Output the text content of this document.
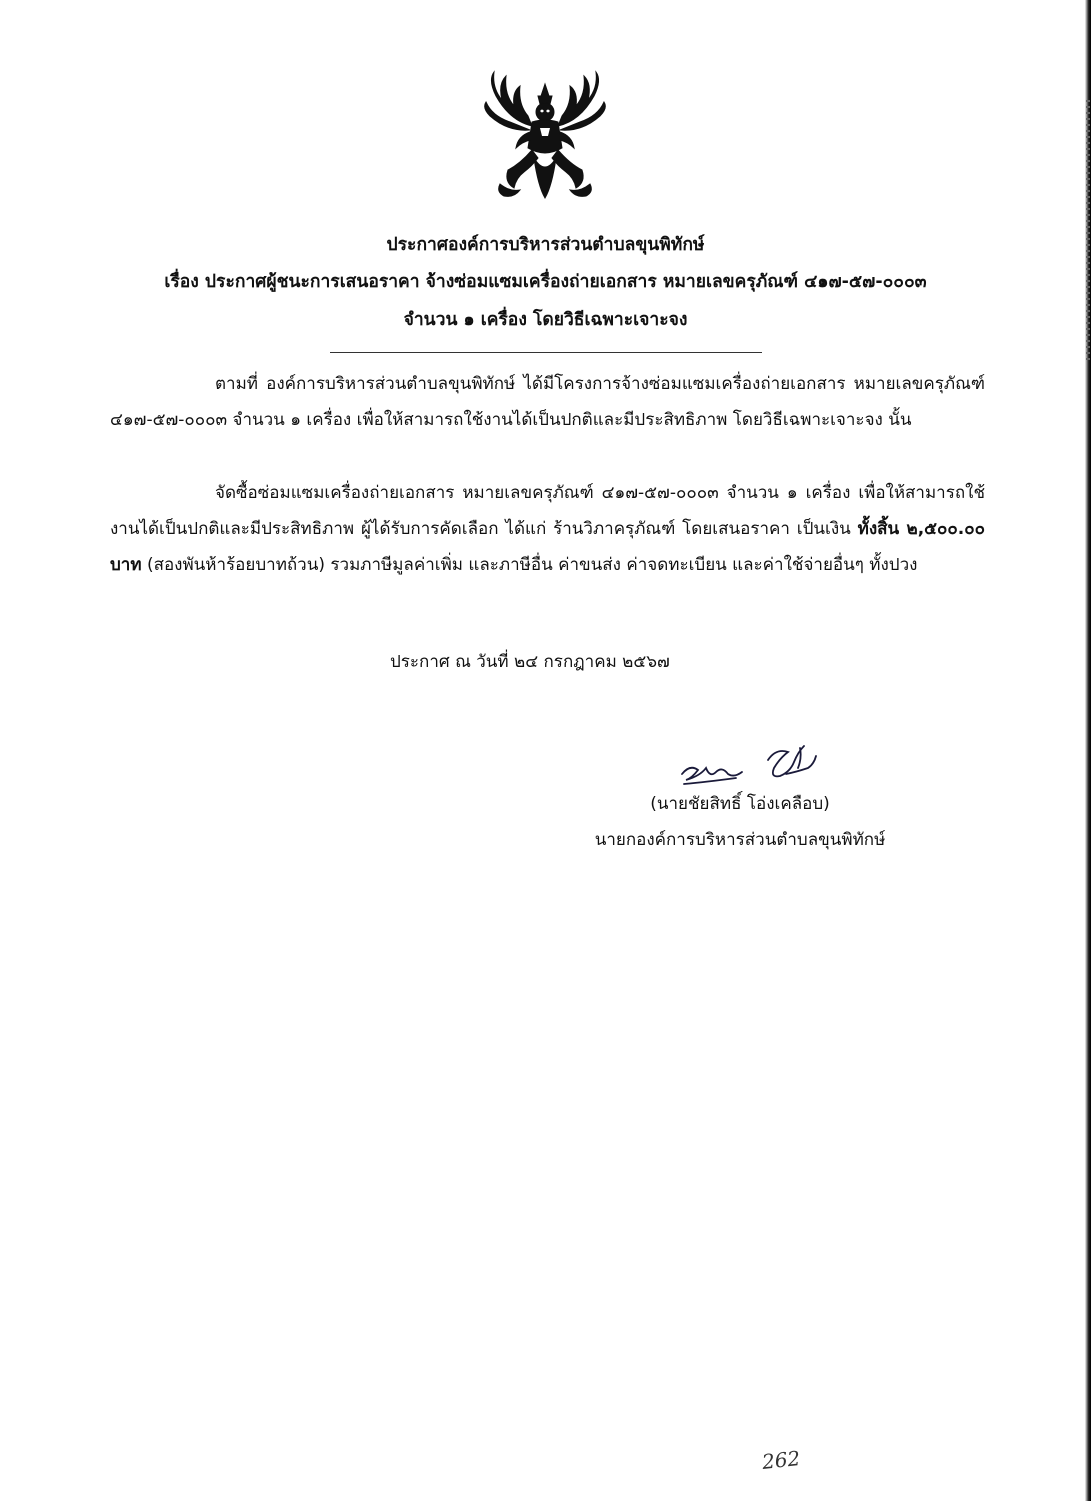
ประกาศองค์การบริหารส่วนตำบลขุนพิทักษ์
เรื่อง ประกาศผู้ชนะการเสนอราคา จ้างซ่อมแซมเครื่องถ่ายเอกสาร หมายเลขครุภัณฑ์ ๔๑๗-๕๗-๐๐๐๓
จำนวน ๑ เครื่อง โดยวิธีเฉพาะเจาะจง
ตามที่ องค์การบริหารส่วนตำบลขุนพิทักษ์ ได้มีโครงการจ้างซ่อมแซมเครื่องถ่ายเอกสาร หมายเลขครุภัณฑ์ ๔๑๗-๕๗-๐๐๐๓ จำนวน ๑ เครื่อง เพื่อให้สามารถใช้งานได้เป็นปกติและมีประสิทธิภาพ โดยวิธีเฉพาะเจาะจง นั้น
จัดซื้อซ่อมแซมเครื่องถ่ายเอกสาร หมายเลขครุภัณฑ์ ๔๑๗-๕๗-๐๐๐๓ จำนวน ๑ เครื่อง เพื่อให้สามารถใช้งานได้เป็นปกติและมีประสิทธิภาพ ผู้ได้รับการคัดเลือก ได้แก่ ร้านวิภาครุภัณฑ์ โดยเสนอราคา เป็นเงิน ทั้งสิ้น ๒,๕๐๐.๐๐ บาท (สองพันห้าร้อยบาทถ้วน) รวมภาษีมูลค่าเพิ่ม และภาษีอื่น ค่าขนส่ง ค่าจดทะเบียน และค่าใช้จ่ายอื่นๆ ทั้งปวง
ประกาศ ณ วันที่ ๒๔ กรกฎาคม ๒๕๖๗
(นายชัยสิทธิ์ โอ่งเคลือบ)
นายกองค์การบริหารส่วนตำบลขุนพิทักษ์
262
